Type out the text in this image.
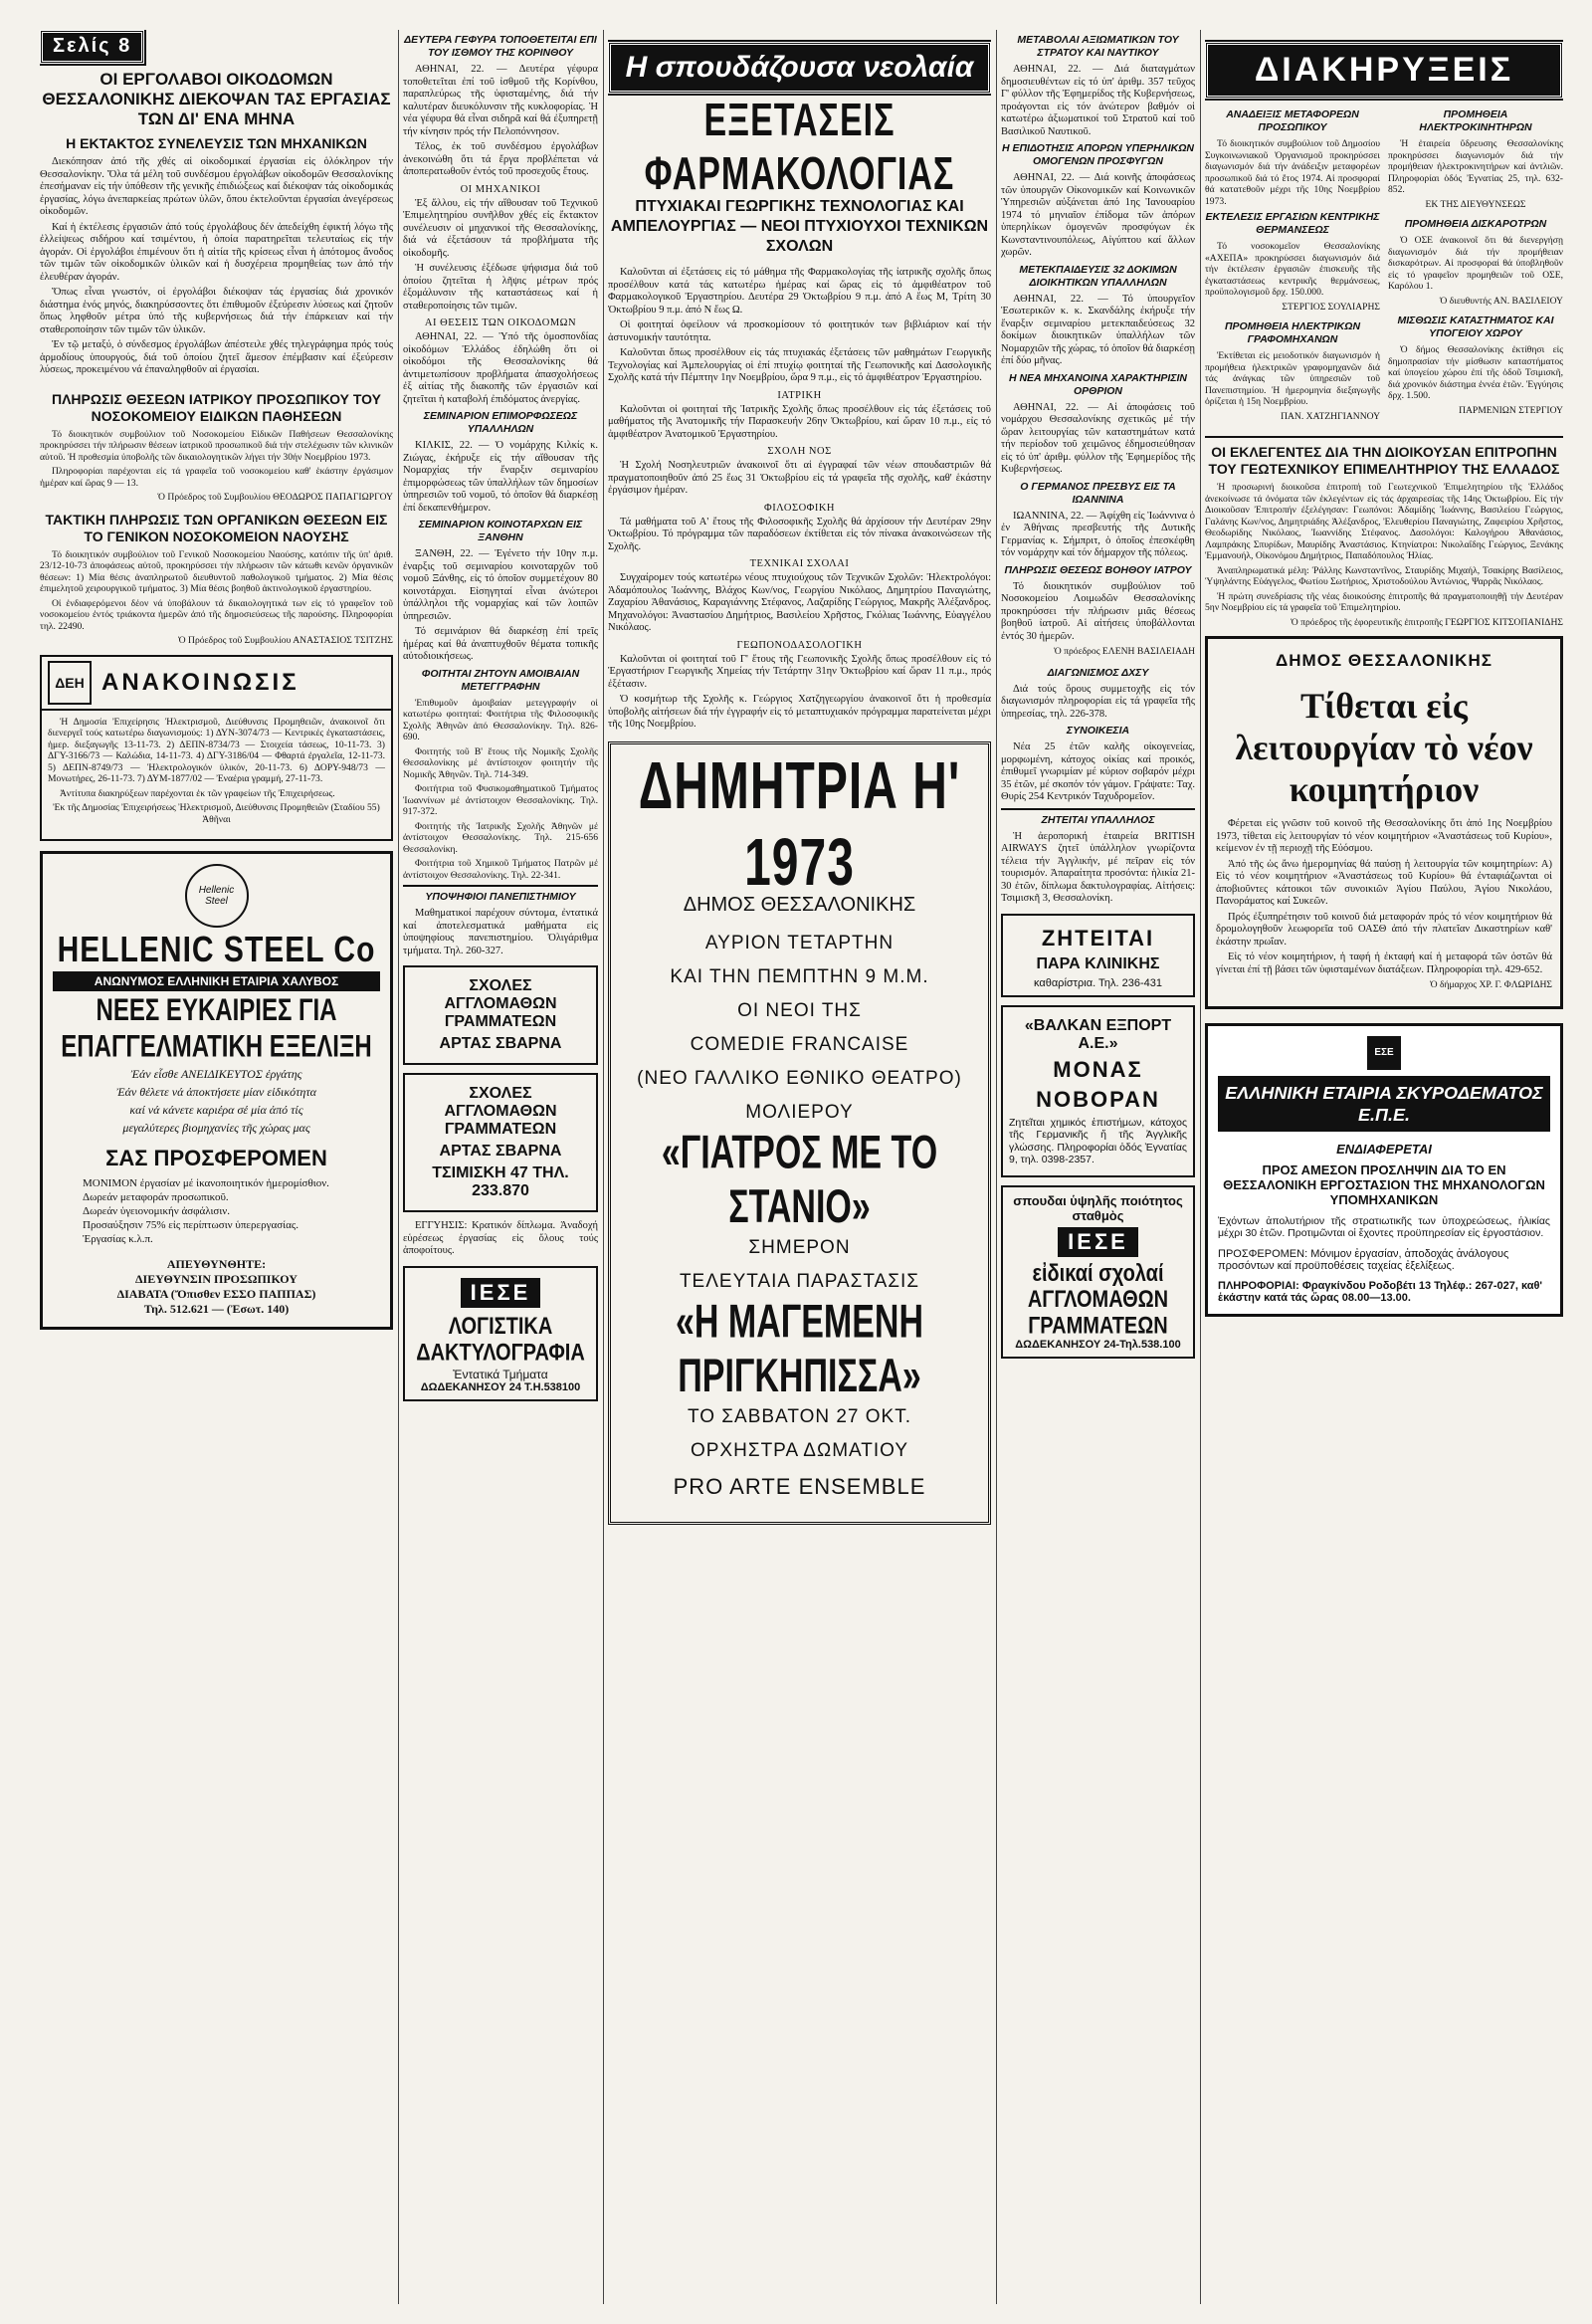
Σελίς 8
ΟΙ ΕΡΓΟΛΑΒΟΙ ΟΙΚΟΔΟΜΩΝ ΘΕΣΣΑΛΟΝΙΚΗΣ ΔΙΕΚΟΨΑΝ ΤΑΣ ΕΡΓΑΣΙΑΣ ΤΩΝ ΔΙ' ΕΝΑ ΜΗΝΑ
Η ΕΚΤΑΚΤΟΣ ΣΥΝΕΛΕΥΣΙΣ ΤΩΝ ΜΗΧΑΝΙΚΩΝ

Διεκόπησαν ἀπό τῆς χθές αἱ οἰκοδομικαί ἐργασίαι εἰς ὁλόκληρον τήν Θεσσαλονίκην. Ὅλα τά μέλη τοῦ συνδέσμου ἐργολάβων οἰκοδομῶν Θεσσαλονίκης ἐπεσήμαναν εἰς τήν ὑπόθεσιν τῆς γενικῆς ἐπιδιώξεως καί διέκοψαν τάς οἰκοδομικάς ἐργασίας, λόγω ἀνεπαρκείας πρώτων ὑλῶν, ὅπου ἐκτελοῦνται ἐργασίαι ἀνεγέρσεως οἰκοδομῶν.

Καί ἡ ἐκτέλεσις ἐργασιῶν ἀπό τούς ἐργολάβους δέν ἀπεδείχθη ἐφικτή λόγω τῆς ἐλλείψεως σιδήρου καί τσιμέντου, ἡ ὁποία παρατηρεῖται τελευταίως εἰς τήν ἀγοράν. Οἱ ἐργολάβοι ἐπιμένουν ὅτι ἡ αἰτία τῆς κρίσεως εἶναι ἡ ἀπότομος ἄνοδος τῶν τιμῶν τῶν οἰκοδομικῶν ὑλικῶν καί ἡ δυσχέρεια προμηθείας των ἀπό τήν ἐλευθέραν ἀγοράν.

Ὅπως εἶναι γνωστόν, οἱ ἐργολάβοι διέκοψαν τάς ἐργασίας διά χρονικόν διάστημα ἑνός μηνός, διακηρύσσοντες ὅτι ἐπιθυμοῦν ἐξεύρεσιν λύσεως καί ζητοῦν ὅπως ληφθοῦν μέτρα ὑπό τῆς κυβερνήσεως διά τήν ἐπάρκειαν καί τήν σταθεροποίησιν τῶν τιμῶν τῶν ὑλικῶν.

Ἐν τῷ μεταξύ, ὁ σύνδεσμος ἐργολάβων ἀπέστειλε χθές τηλεγράφημα πρός τούς ἁρμοδίους ὑπουργούς, διά τοῦ ὁποίου ζητεῖ ἄμεσον ἐπέμβασιν καί ἐξεύρεσιν λύσεως, προκειμένου νά ἐπαναληφθοῦν αἱ ἐργασίαι.

ΠΛΗΡΩΣΙΣ ΘΕΣΕΩΝ ΙΑΤΡΙΚΟΥ ΠΡΟΣΩΠΙΚΟΥ ΤΟΥ ΝΟΣΟΚΟΜΕΙΟΥ ΕΙΔΙΚΩΝ ΠΑΘΗΣΕΩΝ

Τό διοικητικόν συμβούλιον τοῦ Νοσοκομείου Εἰδικῶν Παθήσεων Θεσσαλονίκης προκηρύσσει τήν πλήρωσιν θέσεων ἰατρικοῦ προσωπικοῦ διά τήν στελέχωσιν τῶν κλινικῶν αὐτοῦ. Ἡ προθεσμία ὑποβολῆς τῶν δικαιολογητικῶν λήγει τήν 30ήν Νοεμβρίου 1973.

Πληροφορίαι παρέχονται εἰς τά γραφεῖα τοῦ νοσοκομείου καθ' ἑκάστην ἐργάσιμον ἡμέραν καί ὥρας 9 — 13.

Ὁ Πρόεδρος τοῦ Συμβουλίου ΘΕΟΔΩΡΟΣ ΠΑΠΑΓΙΩΡΓΟΥ

ΤΑΚΤΙΚΗ ΠΛΗΡΩΣΙΣ ΤΩΝ ΟΡΓΑΝΙΚΩΝ ΘΕΣΕΩΝ ΕΙΣ ΤΟ ΓΕΝΙΚΟΝ ΝΟΣΟΚΟΜΕΙΟΝ ΝΑΟΥΣΗΣ

Τό διοικητικόν συμβούλιον τοῦ Γενικοῦ Νοσοκομείου Ναούσης, κατόπιν τῆς ὑπ' ἀριθ. 23/12-10-73 ἀποφάσεως αὐτοῦ, προκηρύσσει τήν πλήρωσιν τῶν κάτωθι κενῶν ὀργανικῶν θέσεων: 1) Μία θέσις ἀναπληρωτοῦ διευθυντοῦ παθολογικοῦ τμήματος. 2) Μία θέσις ἐπιμελητοῦ χειρουργικοῦ τμήματος. 3) Μία θέσις βοηθοῦ ἀκτινολογικοῦ ἐργαστηρίου.

Οἱ ἐνδιαφερόμενοι δέον νά ὑποβάλουν τά δικαιολογητικά των εἰς τό γραφεῖον τοῦ νοσοκομείου ἐντός τριάκοντα ἡμερῶν ἀπό τῆς δημοσιεύσεως τῆς παρούσης. Πληροφορίαι τηλ. 22490.

Ὁ Πρόεδρος τοῦ Συμβουλίου ΑΝΑΣΤΑΣΙΟΣ ΤΣΙΤΖΗΣ

ΔΕΗ ΑΝΑΚΟΙΝΩΣΙΣ

Ἡ Δημοσία Ἐπιχείρησις Ἠλεκτρισμοῦ, Διεύθυνσις Προμηθειῶν, ἀνακοινοῖ ὅτι διενεργεῖ τούς κατωτέρω διαγωνισμούς: 1) ΔΥΝ-3074/73 — Κεντρικές ἐγκαταστάσεις, ἡμερ. διεξαγωγῆς 13-11-73. 2) ΔΕΠΝ-8734/73 — Στοιχεία τάσεως, 10-11-73. 3) ΔΓΥ-3166/73 — Καλώδια, 14-11-73. 4) ΔΓΥ-3186/04 — Φθαρτά ἐργαλεῖα, 12-11-73. 5) ΔΕΠΝ-8749/73 — Ἠλεκτρολογικόν ὑλικόν, 20-11-73. 6) ΔΟΡΥ-948/73 — Μονωτήρες, 26-11-73. 7) ΔΥΜ-1877/02 — Ἐναέρια γραμμή, 27-11-73.

Ἀντίτυπα διακηρύξεων παρέχονται ἐκ τῶν γραφείων τῆς Ἐπιχειρήσεως.

Ἐκ τῆς Δημοσίας Ἐπιχειρήσεως Ἠλεκτρισμοῦ, Διεύθυνσις Προμηθειῶν (Σταδίου 55) Ἀθῆναι

Hellenic Steel
HELLENIC STEEL Co
ΑΝΩΝΥΜΟΣ ΕΛΛΗΝΙΚΗ ΕΤΑΙΡΙΑ ΧΑΛΥΒΟΣ
ΝΕΕΣ ΕΥΚΑΙΡΙΕΣ ΓΙΑ ΕΠΑΓΓΕΛΜΑΤΙΚΗ ΕΞΕΛΙΞΗ
Ἐάν εἶσθε ΑΝΕΙΔΙΚΕΥΤΟΣ ἐργάτης
Ἐάν θέλετε νά ἀποκτήσετε μίαν εἰδικότητα
καί νά κάνετε καριέρα σέ μία ἀπό τίς
μεγαλύτερες βιομηχανίες τῆς χώρας μας
ΣΑΣ ΠΡΟΣΦΕΡΟΜΕΝ
ΜΟΝΙΜΟΝ ἐργασίαν μέ ἱκανοποιητικόν ἡμερομίσθιον.
Δωρεάν μεταφοράν προσωπικοῦ.
Δωρεάν ὑγειονομικήν ἀσφάλισιν.
Προσαύξησιν 75% εἰς περίπτωσιν ὑπερεργασίας.
Ἐργασίας κ.λ.π.
ΑΠΕΥΘΥΝΘΗΤΕ:
ΔΙΕΥΘΥΝΣΙΝ ΠΡΟΣΩΠΙΚΟΥ
ΔΙΑΒΑΤΑ (Ὄπισθεν ΕΣΣΟ ΠΑΠΠΑΣ)
Τηλ. 512.621 — (Ἐσωτ. 140)
ΔΕΥΤΕΡΑ ΓΕΦΥΡΑ ΤΟΠΟΘΕΤΕΙΤΑΙ ΕΠΙ ΤΟΥ ΙΣΘΜΟΥ ΤΗΣ ΚΟΡΙΝΘΟΥ

ΑΘΗΝΑΙ, 22. — Δευτέρα γέφυρα τοποθετεῖται ἐπί τοῦ ἰσθμοῦ τῆς Κορίνθου, παραπλεύρως τῆς ὑφισταμένης, διά τήν καλυτέραν διευκόλυνσιν τῆς κυκλοφορίας. Ἡ νέα γέφυρα θά εἶναι σιδηρᾶ καί θά ἐξυπηρετῇ τήν κίνησιν πρός τήν Πελοπόννησον.

Τέλος, ἐκ τοῦ συνδέσμου ἐργολάβων ἀνεκοινώθη ὅτι τά ἔργα προβλέπεται νά ἀποπερατωθοῦν ἐντός τοῦ προσεχοῦς ἔτους.

ΟΙ ΜΗΧΑΝΙΚΟΙ

Ἐξ ἄλλου, εἰς τήν αἴθουσαν τοῦ Τεχνικοῦ Ἐπιμελητηρίου συνῆλθον χθές εἰς ἔκτακτον συνέλευσιν οἱ μηχανικοί τῆς Θεσσαλονίκης, διά νά ἐξετάσουν τά προβλήματα τῆς οἰκοδομῆς.

Ἡ συνέλευσις ἐξέδωσε ψήφισμα διά τοῦ ὁποίου ζητεῖται ἡ λῆψις μέτρων πρός ἐξομάλυνσιν τῆς καταστάσεως καί ἡ σταθεροποίησις τῶν τιμῶν.

ΑΙ ΘΕΣΕΙΣ ΤΩΝ ΟΙΚΟΔΟΜΩΝ

ΑΘΗΝΑΙ, 22. — Ὑπό τῆς ὁμοσπονδίας οἰκοδόμων Ἑλλάδος ἐδηλώθη ὅτι οἱ οἰκοδόμοι τῆς Θεσσαλονίκης θά ἀντιμετωπίσουν προβλήματα ἀπασχολήσεως ἐξ αἰτίας τῆς διακοπῆς τῶν ἐργασιῶν καί ζητεῖται ἡ καταβολή ἐπιδόματος ἀνεργίας.

ΣΕΜΙΝΑΡΙΟΝ ΕΠΙΜΟΡΦΩΣΕΩΣ ΥΠΑΛΛΗΛΩΝ

ΚΙΛΚΙΣ, 22. — Ὁ νομάρχης Κιλκίς κ. Ζιώγας, ἐκήρυξε εἰς τήν αἴθουσαν τῆς Νομαρχίας τήν ἔναρξιν σεμιναρίου ἐπιμορφώσεως τῶν ὑπαλλήλων τῶν δημοσίων ὑπηρεσιῶν τοῦ νομοῦ, τό ὁποῖον θά διαρκέσῃ ἐπί δεκαπενθήμερον.

ΣΕΜΙΝΑΡΙΟΝ ΚΟΙΝΟΤΑΡΧΩΝ ΕΙΣ ΞΑΝΘΗΝ

ΞΑΝΘΗ, 22. — Ἐγένετο τήν 10ην π.μ. ἐναρξις τοῦ σεμιναρίου κοινοταρχῶν τοῦ νομοῦ Ξάνθης, εἰς τό ὁποῖον συμμετέχουν 80 κοινοτάρχαι. Εἰσηγηταί εἶναι ἀνώτεροι ὑπάλληλοι τῆς νομαρχίας καί τῶν λοιπῶν ὑπηρεσιῶν.

Τό σεμινάριον θά διαρκέσῃ ἐπί τρεῖς ἡμέρας καί θά ἀναπτυχθοῦν θέματα τοπικῆς αὐτοδιοικήσεως.

ΦΟΙΤΗΤΑΙ ΖΗΤΟΥΝ ΑΜΟΙΒΑΙΑΝ ΜΕΤΕΓΓΡΑΦΗΝ

Ἐπιθυμοῦν ἀμοιβαίαν μετεγγραφήν οἱ κατωτέρω φοιτηταί: Φοιτήτρια τῆς Φιλοσοφικῆς Σχολῆς Ἀθηνῶν ἀπό Θεσσαλονίκην. Τηλ. 826-690.

Φοιτητής τοῦ Β' ἔτους τῆς Νομικῆς Σχολῆς Θεσσαλονίκης μέ ἀντίστοιχον φοιτητήν τῆς Νομικῆς Ἀθηνῶν. Τηλ. 714-349.

Φοιτήτρια τοῦ Φυσικομαθηματικοῦ Τμήματος Ἰωαννίνων μέ ἀντίστοιχον Θεσσαλονίκης. Τηλ. 917-372.

Φοιτητής τῆς Ἰατρικῆς Σχολῆς Ἀθηνῶν μέ ἀντίστοιχον Θεσσαλονίκης. Τηλ. 215-656 Θεσσαλονίκη.

Φοιτήτρια τοῦ Χημικοῦ Τμήματος Πατρῶν μέ ἀντίστοιχον Θεσσαλονίκης. Τηλ. 22-341.

ΥΠΟΨΗΦΙΟΙ ΠΑΝΕΠΙΣΤΗΜΙΟΥ

Μαθηματικοί παρέχουν σύντομα, ἐντατικά καί ἀποτελεσματικά μαθήματα εἰς ὑποψηφίους πανεπιστημίου. Ὀλιγάριθμα τμήματα. Τηλ. 260-327.

ΣΧΟΛΕΣ ΑΓΓΛΟΜΑΘΩΝ ΓΡΑΜΜΑΤΕΩΝ
ΑΡΤΑΣ ΣΒΑΡΝΑ
ΣΧΟΛΕΣ ΑΓΓΛΟΜΑΘΩΝ ΓΡΑΜΜΑΤΕΩΝ
ΑΡΤΑΣ ΣΒΑΡΝΑ
ΤΣΙΜΙΣΚΗ 47 ΤΗΛ. 233.870

ΕΓΓΥΗΣΙΣ: Κρατικόν δίπλωμα. Ἀναδοχή εὑρέσεως ἐργασίας εἰς ὅλους τούς ἀποφοίτους.

ΙΕΣΕ
ΛΟΓΙΣΤΙΚΑ ΔΑΚΤΥΛΟΓΡΑΦΙΑ
Ἐντατικά Τμήματα
ΔΩΔΕΚΑΝΗΣΟΥ 24 Τ.Η.538100
Η σπουδάζουσα νεολαία
ΕΞΕΤΑΣΕΙΣ ΦΑΡΜΑΚΟΛΟΓΙΑΣ
ΠΤΥΧΙΑΚΑΙ ΓΕΩΡΓΙΚΗΣ ΤΕΧΝΟΛΟΓΙΑΣ ΚΑΙ ΑΜΠΕΛΟΥΡΓΙΑΣ — ΝΕΟΙ ΠΤΥΧΙΟΥΧΟΙ ΤΕΧΝΙΚΩΝ ΣΧΟΛΩΝ

Καλοῦνται αἱ ἐξετάσεις εἰς τό μάθημα τῆς Φαρμακολογίας τῆς ἰατρικῆς σχολῆς ὅπως προσέλθουν κατά τάς κατωτέρω ἡμέρας καί ὥρας εἰς τό ἀμφιθέατρον τοῦ Φαρμακολογικοῦ Ἐργαστηρίου. Δευτέρα 29 Ὀκτωβρίου 9 π.μ. ἀπό Α ἕως Μ, Τρίτη 30 Ὀκτωβρίου 9 π.μ. ἀπό Ν ἕως Ω.

Οἱ φοιτηταί ὀφείλουν νά προσκομίσουν τό φοιτητικόν των βιβλιάριον καί τήν ἀστυνομικήν ταυτότητα.

Καλοῦνται ὅπως προσέλθουν εἰς τάς πτυχιακάς ἐξετάσεις τῶν μαθημάτων Γεωργικῆς Τεχνολογίας καί Ἀμπελουργίας οἱ ἐπί πτυχίῳ φοιτηταί τῆς Γεωπονικῆς καί Δασολογικῆς Σχολῆς κατά τήν Πέμπτην 1ην Νοεμβρίου, ὥρα 9 π.μ., εἰς τό ἀμφιθέατρον Ἐργαστηρίου.

ΙΑΤΡΙΚΗ

Καλοῦνται οἱ φοιτηταί τῆς Ἰατρικῆς Σχολῆς ὅπως προσέλθουν εἰς τάς ἐξετάσεις τοῦ μαθήματος τῆς Ἀνατομικῆς τήν Παρασκευήν 26ην Ὀκτωβρίου, καί ὥραν 10 π.μ., εἰς τό ἀμφιθέατρον Ἀνατομικοῦ Ἐργαστηρίου.

ΣΧΟΛΗ ΝΟΣ

Ἡ Σχολή Νοσηλευτριῶν ἀνακοινοῖ ὅτι αἱ ἐγγραφαί τῶν νέων σπουδαστριῶν θά πραγματοποιηθοῦν ἀπό 25 ἕως 31 Ὀκτωβρίου εἰς τά γραφεῖα τῆς σχολῆς, καθ' ἑκάστην ἐργάσιμον ἡμέραν.

ΦΙΛΟΣΟΦΙΚΗ

Τά μαθήματα τοῦ Α' ἔτους τῆς Φιλοσοφικῆς Σχολῆς θά ἀρχίσουν τήν Δευτέραν 29ην Ὀκτωβρίου. Τό πρόγραμμα τῶν παραδόσεων ἐκτίθεται εἰς τόν πίνακα ἀνακοινώσεων τῆς Σχολῆς.

ΤΕΧΝΙΚΑΙ ΣΧΟΛΑΙ

Συγχαίρομεν τούς κατωτέρω νέους πτυχιούχους τῶν Τεχνικῶν Σχολῶν: Ἠλεκτρολόγοι: Ἀδαμόπουλος Ἰωάννης, Βλάχος Κων/νος, Γεωργίου Νικόλαος, Δημητρίου Παναγιώτης, Ζαχαρίου Ἀθανάσιος, Καραγιάννης Στέφανος, Λαζαρίδης Γεώργιος, Μακρῆς Ἀλέξανδρος. Μηχανολόγοι: Ἀναστασίου Δημήτριος, Βασιλείου Χρῆστος, Γκόλιας Ἰωάννης, Εὐαγγέλου Νικόλαος.

ΓΕΩΠΟΝΟΔΑΣΟΛΟΓΙΚΗ

Καλοῦνται οἱ φοιτηταί τοῦ Γ' ἔτους τῆς Γεωπονικῆς Σχολῆς ὅπως προσέλθουν εἰς τό Ἐργαστήριον Γεωργικῆς Χημείας τήν Τετάρτην 31ην Ὀκτωβρίου καί ὥραν 11 π.μ., πρός ἐξέτασιν.

Ὁ κοσμήτωρ τῆς Σχολῆς κ. Γεώργιος Χατζηγεωργίου ἀνακοινοῖ ὅτι ἡ προθεσμία ὑποβολῆς αἰτήσεων διά τήν ἐγγραφήν εἰς τό μεταπτυχιακόν πρόγραμμα παρατείνεται μέχρι τῆς 10ης Νοεμβρίου.

ΔΗΜΗΤΡΙΑ Η' 1973
ΔΗΜΟΣ ΘΕΣΣΑΛΟΝΙΚΗΣ
ΑΥΡΙΟΝ ΤΕΤΑΡΤΗΝ
ΚΑΙ ΤΗΝ ΠΕΜΠΤΗΝ 9 Μ.Μ.
ΟΙ ΝΕΟΙ ΤΗΣ
COMEDIE FRANCAISE
(ΝΕΟ ΓΑΛΛΙΚΟ ΕΘΝΙΚΟ ΘΕΑΤΡΟ)
ΜΟΛΙΕΡΟΥ
«ΓΙΑΤΡΟΣ ΜΕ ΤΟ ΣΤΑΝΙΟ»
ΣΗΜΕΡΟΝ
ΤΕΛΕΥΤΑΙΑ ΠΑΡΑΣΤΑΣΙΣ
«Η ΜΑΓΕΜΕΝΗ ΠΡΙΓΚΗΠΙΣΣΑ»
ΤΟ ΣΑΒΒΑΤΟΝ 27 ΟΚΤ.
ΟΡΧΗΣΤΡΑ ΔΩΜΑΤΙΟΥ
PRO ARTE ENSEMBLE
ΜΕΤΑΒΟΛΑΙ ΑΞΙΩΜΑΤΙΚΩΝ ΤΟΥ ΣΤΡΑΤΟΥ ΚΑΙ ΝΑΥΤΙΚΟΥ

ΑΘΗΝΑΙ, 22. — Διά διαταγμάτων δημοσιευθέντων εἰς τό ὑπ' ἀριθμ. 357 τεῦχος Γ' φύλλον τῆς Ἐφημερίδος τῆς Κυβερνήσεως, προάγονται εἰς τόν ἀνώτερον βαθμόν οἱ κατωτέρω ἀξιωματικοί τοῦ Στρατοῦ καί τοῦ Βασιλικοῦ Ναυτικοῦ.

Η ΕΠΙΔΟΤΗΣΙΣ ΑΠΟΡΩΝ ΥΠΕΡΗΛΙΚΩΝ ΟΜΟΓΕΝΩΝ ΠΡΟΣΦΥΓΩΝ

ΑΘΗΝΑΙ, 22. — Διά κοινῆς ἀποφάσεως τῶν ὑπουργῶν Οἰκονομικῶν καί Κοινωνικῶν Ὑπηρεσιῶν αὐξάνεται ἀπό 1ης Ἰανουαρίου 1974 τό μηνιαῖον ἐπίδομα τῶν ἀπόρων ὑπερηλίκων ὁμογενῶν προσφύγων ἐκ Κωνσταντινουπόλεως, Αἰγύπτου καί ἄλλων χωρῶν.

ΜΕΤΕΚΠΑΙΔΕΥΣΙΣ 32 ΔΟΚΙΜΩΝ ΔΙΟΙΚΗΤΙΚΩΝ ΥΠΑΛΛΗΛΩΝ

ΑΘΗΝΑΙ, 22. — Τό ὑπουργεῖον Ἐσωτερικῶν κ. κ. Σκανδάλης ἐκήρυξε τήν ἔναρξιν σεμιναρίου μετεκπαιδεύσεως 32 δοκίμων διοικητικῶν ὑπαλλήλων τῶν Νομαρχιῶν τῆς χώρας, τό ὁποῖον θά διαρκέσῃ ἐπί δύο μῆνας.

Η ΝΕΑ ΜΗΧΑΝΟΙΝΑ ΧΑΡΑΚΤΗΡΙΣΙΝ ΟΡΘΡΙΟΝ

ΑΘΗΝΑΙ, 22. — Αἱ ἀποφάσεις τοῦ νομάρχου Θεσσαλονίκης σχετικῶς μέ τήν ὥραν λειτουργίας τῶν καταστημάτων κατά τήν περίοδον τοῦ χειμῶνος ἐδημοσιεύθησαν εἰς τό ὑπ' ἀριθμ. φύλλον τῆς Ἐφημερίδος τῆς Κυβερνήσεως.

Ο ΓΕΡΜΑΝΟΣ ΠΡΕΣΒΥΣ ΕΙΣ ΤΑ ΙΩΑΝΝΙΝΑ

ΙΩΑΝΝΙΝΑ, 22. — Ἀφίχθη εἰς Ἰωάννινα ὁ ἐν Ἀθήναις πρεσβευτής τῆς Δυτικῆς Γερμανίας κ. Σήμπριτ, ὁ ὁποῖος ἐπεσκέφθη τόν νομάρχην καί τόν δήμαρχον τῆς πόλεως.

ΠΛΗΡΩΣΙΣ ΘΕΣΕΩΣ ΒΟΗΘΟΥ ΙΑΤΡΟΥ

Τό διοικητικόν συμβούλιον τοῦ Νοσοκομείου Λοιμωδῶν Θεσσαλονίκης προκηρύσσει τήν πλήρωσιν μιᾶς θέσεως βοηθοῦ ἰατροῦ. Αἱ αἰτήσεις ὑποβάλλονται ἐντός 30 ἡμερῶν.

Ὁ πρόεδρος ΕΛΕΝΗ ΒΑΣΙΛΕΙΑΔΗ

ΔΙΑΓΩΝΙΣΜΟΣ ΔΧΣΥ

Διά τούς ὅρους συμμετοχῆς εἰς τόν διαγωνισμόν πληροφορίαι εἰς τά γραφεῖα τῆς ὑπηρεσίας, τηλ. 226-378.

ΣΥΝΟΙΚΕΣΙΑ

Νέα 25 ἐτῶν καλῆς οἰκογενείας, μορφωμένη, κάτοχος οἰκίας καί προικός, ἐπιθυμεῖ γνωριμίαν μέ κύριον σοβαρόν μέχρι 35 ἐτῶν, μέ σκοπόν τόν γάμον. Γράψατε: Ταχ. Θυρίς 254 Κεντρικόν Ταχυδρομεῖον.

ΖΗΤΕΙΤΑΙ ΥΠΑΛΛΗΛΟΣ

Ἡ ἀεροπορική ἑταιρεία BRITISH AIRWAYS ζητεῖ ὑπάλληλον γνωρίζοντα τέλεια τήν Ἀγγλικήν, μέ πεῖραν εἰς τόν τουρισμόν. Ἀπαραίτητα προσόντα: ἡλικία 21-30 ἐτῶν, δίπλωμα δακτυλογραφίας. Αἰτήσεις: Τσιμισκῆ 3, Θεσσαλονίκη.

ΖΗΤΕΙΤΑΙ
ΠΑΡΑ ΚΛΙΝΙΚΗΣ
καθαρίστρια. Τηλ. 236-431
«ΒΑΛΚΑΝ ΕΞΠΟΡΤ Α.Ε.»
ΜΟΝΑΣ
ΝΟΒΟΡΑΝ

Ζητεῖται χημικός ἐπιστήμων, κάτοχος τῆς Γερμανικῆς ἤ τῆς Ἀγγλικῆς γλώσσης. Πληροφορίαι ὁδός Ἐγνατίας 9, τηλ. 0398-2357.

σπουδαι ὑψηλῆς ποιότητος σταθμὸς
ΙΕΣΕ
εἰδικαί σχολαί ΑΓΓΛΟΜΑΘΩΝ ΓΡΑΜΜΑΤΕΩΝ
ΔΩΔΕΚΑΝΗΣΟΥ 24-Τηλ.538.100
ΔΙΑΚΗΡΥΞΕΙΣ
ΑΝΑΔΕΙΞΙΣ ΜΕΤΑΦΟΡΕΩΝ ΠΡΟΣΩΠΙΚΟΥ

Τό διοικητικόν συμβούλιον τοῦ Δημοσίου Συγκοινωνιακοῦ Ὀργανισμοῦ προκηρύσσει διαγωνισμόν διά τήν ἀνάδειξιν μεταφορέων προσωπικοῦ διά τό ἔτος 1974. Αἱ προσφοραί θά κατατεθοῦν μέχρι τῆς 10ης Νοεμβρίου 1973.

ΕΚΤΕΛΕΣΙΣ ΕΡΓΑΣΙΩΝ ΚΕΝΤΡΙΚΗΣ ΘΕΡΜΑΝΣΕΩΣ

Τό νοσοκομεῖον Θεσσαλονίκης «ΑΧΕΠΑ» προκηρύσσει διαγωνισμόν διά τήν ἐκτέλεσιν ἐργασιῶν ἐπισκευῆς τῆς ἐγκαταστάσεως κεντρικῆς θερμάνσεως, προϋπολογισμοῦ δρχ. 150.000.

ΣΤΕΡΓΙΟΣ ΣΟΥΛΙΑΡΗΣ

ΠΡΟΜΗΘΕΙΑ ΗΛΕΚΤΡΙΚΩΝ ΓΡΑΦΟΜΗΧΑΝΩΝ

Ἐκτίθεται εἰς μειοδοτικόν διαγωνισμόν ἡ προμήθεια ἠλεκτρικῶν γραφομηχανῶν διά τάς ἀνάγκας τῶν ὑπηρεσιῶν τοῦ Πανεπιστημίου. Ἡ ἡμερομηνία διεξαγωγῆς ὁρίζεται ἡ 15η Νοεμβρίου.

ΠΑΝ. ΧΑΤΖΗΓΙΑΝΝΟΥ

ΠΡΟΜΗΘΕΙΑ ΗΛΕΚΤΡΟΚΙΝΗΤΗΡΩΝ

Ἡ ἐταιρεία ὕδρευσης Θεσσαλονίκης προκηρύσσει διαγωνισμόν διά τήν προμήθειαν ἠλεκτροκινητήρων καί ἀντλιῶν. Πληροφορίαι ὁδός Ἐγνατίας 25, τηλ. 632-852.

ΕΚ ΤΗΣ ΔΙΕΥΘΥΝΣΕΩΣ

ΠΡΟΜΗΘΕΙΑ ΔΙΣΚΑΡΟΤΡΩΝ

Ὁ ΟΣΕ ἀνακοινοῖ ὅτι θά διενεργήσῃ διαγωνισμόν διά τήν προμήθειαν δισκαρότρων. Αἱ προσφοραί θά ὑποβληθοῦν εἰς τό γραφεῖον προμηθειῶν τοῦ ΟΣΕ, Καρόλου 1.

Ὁ διευθυντής ΑΝ. ΒΑΣΙΛΕΙΟΥ

ΜΙΣΘΩΣΙΣ ΚΑΤΑΣΤΗΜΑΤΟΣ ΚΑΙ ΥΠΟΓΕΙΟΥ ΧΩΡΟΥ

Ὁ δήμος Θεσσαλονίκης ἐκτίθησι εἰς δημοπρασίαν τήν μίσθωσιν καταστήματος καί ὑπογείου χώρου ἐπί τῆς ὁδοῦ Τσιμισκῆ, διά χρονικόν διάστημα ἐννέα ἐτῶν. Ἐγγύησις δρχ. 1.500.

ΠΑΡΜΕΝΙΩΝ ΣΤΕΡΓΙΟΥ

ΟΙ ΕΚΛΕΓΕΝΤΕΣ ΔΙΑ ΤΗΝ ΔΙΟΙΚΟΥΣΑΝ ΕΠΙΤΡΟΠΗΝ ΤΟΥ ΓΕΩΤΕΧΝΙΚΟΥ ΕΠΙΜΕΛΗΤΗΡΙΟΥ ΤΗΣ ΕΛΛΑΔΟΣ

Ἡ προσωρινή διοικοῦσα ἐπιτροπή τοῦ Γεωτεχνικοῦ Ἐπιμελητηρίου τῆς Ἑλλάδος ἀνεκοίνωσε τά ὀνόματα τῶν ἐκλεγέντων εἰς τάς ἀρχαιρεσίας τῆς 14ης Ὀκτωβρίου. Εἰς τήν Διοικοῦσαν Ἐπιτροπήν ἐξελέγησαν: Γεωπόνοι: Ἀδαμίδης Ἰωάννης, Βασιλείου Γεώργιος, Γαλάνης Κων/νος, Δημητριάδης Ἀλέξανδρος, Ἐλευθερίου Παναγιώτης, Ζαφειρίου Χρῆστος, Θεοδωρίδης Νικόλαος, Ἰωαννίδης Στέφανος. Δασολόγοι: Καλογήρου Ἀθανάσιος, Λαμπράκης Σπυρίδων, Μαυρίδης Ἀναστάσιος. Κτηνίατροι: Νικολαΐδης Γεώργιος, Ξενάκης Ἐμμανουήλ, Οἰκονόμου Δημήτριος, Παπαδόπουλος Ἠλίας.

Ἀναπληρωματικά μέλη: Ῥάλλης Κωνσταντῖνος, Σταυρίδης Μιχαήλ, Τσακίρης Βασίλειος, Ὑψηλάντης Εὐάγγελος, Φωτίου Σωτήριος, Χριστοδούλου Ἀντώνιος, Ψαρρᾶς Νικόλαος.

Ἡ πρώτη συνεδρίασις τῆς νέας διοικούσης ἐπιτροπῆς θά πραγματοποιηθῇ τήν Δευτέραν 5ην Νοεμβρίου εἰς τά γραφεῖα τοῦ Ἐπιμελητηρίου.

Ὁ πρόεδρος τῆς ἐφορευτικῆς ἐπιτροπῆς ΓΕΩΡΓΙΟΣ ΚΙΤΣΟΠΑΝΙΔΗΣ

ΔΗΜΟΣ ΘΕΣΣΑΛΟΝΙΚΗΣ
Τίθεται εἰς λειτουργίαν τὸ νέον κοιμητήριον

Φέρεται εἰς γνῶσιν τοῦ κοινοῦ τῆς Θεσσαλονίκης ὅτι ἀπό 1ης Νοεμβρίου 1973, τίθεται εἰς λειτουργίαν τό νέον κοιμητήριον «Ἀναστάσεως τοῦ Κυρίου», κείμενον ἐν τῇ περιοχῇ τῆς Εὐόσμου.

Ἀπό τῆς ὡς ἄνω ἡμερομηνίας θά παύσῃ ἡ λειτουργία τῶν κοιμητηρίων: Α) Εἰς τό νέον κοιμητήριον «Ἀναστάσεως τοῦ Κυρίου» θά ἐνταφιάζωνται οἱ ἀποβιοῦντες κάτοικοι τῶν συνοικιῶν Ἁγίου Παύλου, Ἁγίου Νικολάου, Πανοράματος καί Συκεῶν.

Πρός ἐξυπηρέτησιν τοῦ κοινοῦ διά μεταφοράν πρός τό νέον κοιμητήριον θά δρομολογηθοῦν λεωφορεῖα τοῦ ΟΑΣΘ ἀπό τήν πλατεῖαν Δικαστηρίων καθ' ἑκάστην πρωΐαν.

Εἰς τό νέον κοιμητήριον, ἡ ταφή ἡ ἐκταφή καί ἡ μεταφορά τῶν ὀστῶν θά γίνεται ἐπί τῇ βάσει τῶν ὑφισταμένων διατάξεων. Πληροφορίαι τηλ. 429-652.

Ὁ δήμαρχος ΧΡ. Γ. ΦΛΩΡΙΔΗΣ

ΕΣΕ
ΕΛΛΗΝΙΚΗ ΕΤΑΙΡΙΑ ΣΚΥΡΟΔΕΜΑΤΟΣ Ε.Π.Ε.
ΕΝΔΙΑΦΕΡΕΤΑΙ
ΠΡΟΣ ΑΜΕΣΟΝ ΠΡΟΣΛΗΨΙΝ ΔΙΑ ΤΟ ΕΝ ΘΕΣΣΑΛΟΝΙΚΗ ΕΡΓΟΣΤΑΣΙΟΝ ΤΗΣ ΜΗΧΑΝΟΛΟΓΩΝ ΥΠΟΜΗΧΑΝΙΚΩΝ
Ἐχόντων ἀπολυτήριον τῆς στρατιωτικῆς των ὑποχρεώσεως, ἡλικίας μέχρι 30 ἐτῶν. Προτιμῶνται οἱ ἔχοντες προϋπηρεσίαν εἰς ἐργοστάσιον.
ΠΡΟΣΦΕΡΟΜΕΝ: Μόνιμον ἐργασίαν, ἀποδοχάς ἀνάλογους προσόντων καί προϋποθέσεις ταχείας ἐξελίξεως.
ΠΛΗΡΟΦΟΡΙΑΙ: Φραγκίνδου Ροδοβέτι 13 Τηλέφ.: 267-027, καθ' ἑκάστην κατά τάς ὥρας 08.00—13.00.
